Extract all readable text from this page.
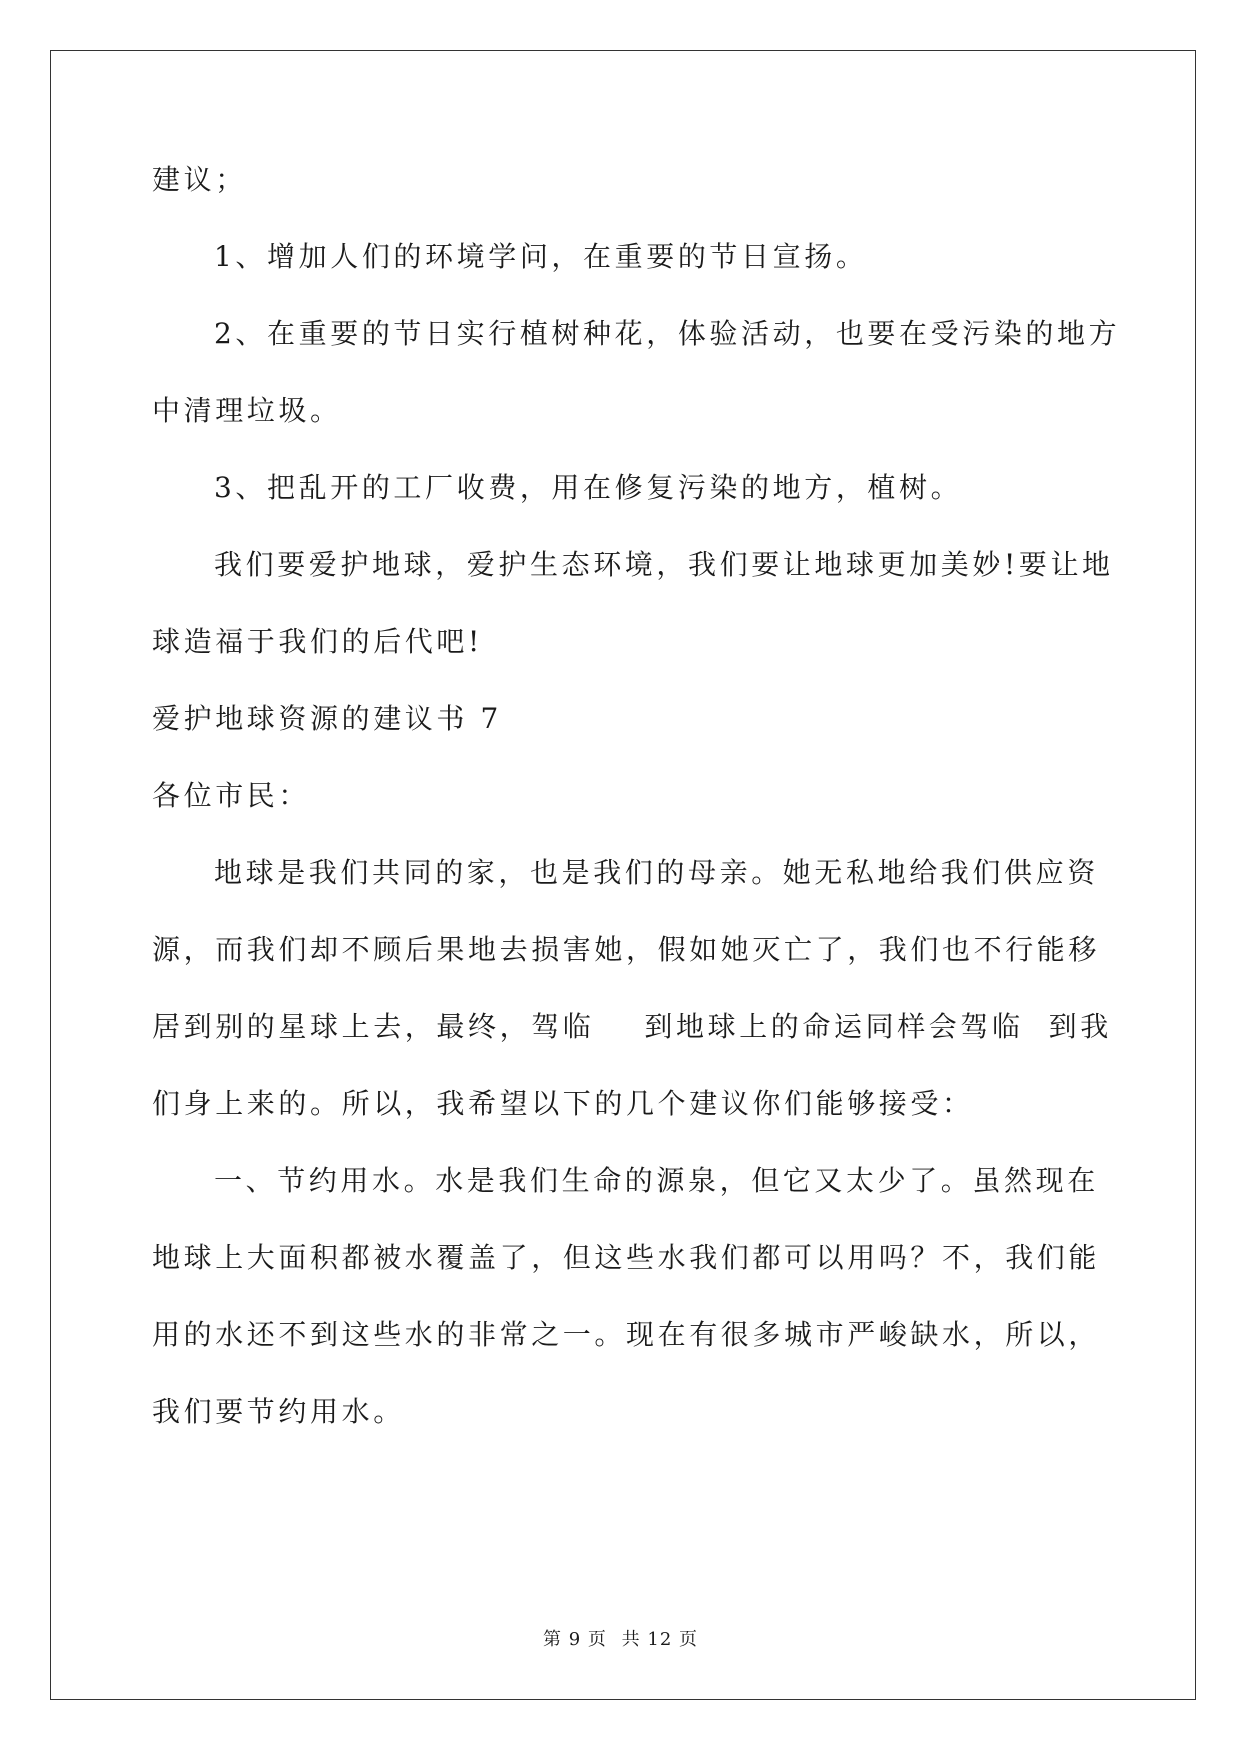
建议；
1、增加人们的环境学问，在重要的节日宣扬。
2、在重要的节日实行植树种花，体验活动，也要在受污染的地方
中清理垃圾。
3、把乱开的工厂收费，用在修复污染的地方，植树。
我们要爱护地球，爱护生态环境，我们要让地球更加美妙!要让地
球造福于我们的后代吧!
爱护地球资源的建议书 7
各位市民：
地球是我们共同的家，也是我们的母亲。她无私地给我们供应资
源，而我们却不顾后果地去损害她，假如她灭亡了，我们也不行能移
居到别的星球上去，最终，驾临    到地球上的命运同样会驾临  到我
们身上来的。所以，我希望以下的几个建议你们能够接受：
一、节约用水。水是我们生命的源泉，但它又太少了。虽然现在
地球上大面积都被水覆盖了，但这些水我们都可以用吗？不，我们能
用的水还不到这些水的非常之一。现在有很多城市严峻缺水，所以，
我们要节约用水。
第 9 页 共 12 页
